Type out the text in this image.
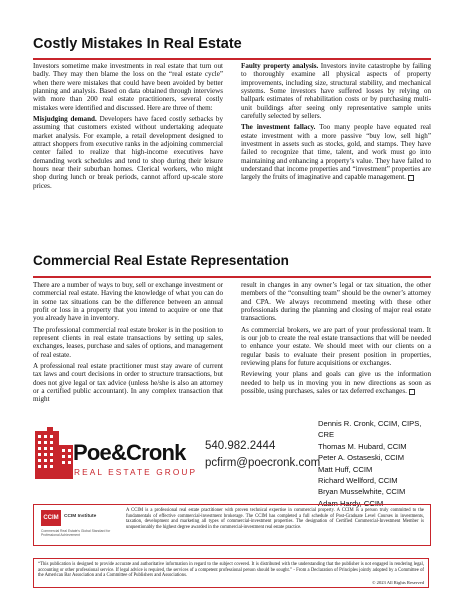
Costly Mistakes In Real Estate

Investors sometime make investments in real estate that turn out badly. They may then blame the loss on the “real estate cycle” when there were mistakes that could have been avoided by better planning and analysis. Based on data obtained through interviews with more than 200 real estate practitioners, several costly mistakes were identified and discussed. Here are three of them:

Misjudging demand. Developers have faced costly setbacks by assuming that customers existed without undertaking adequate market analysis. For example, a retail development designed to attract shoppers from executive ranks in the adjoining commercial center failed to realize that high-income executives have demanding work schedules and tend to shop during their leisure hours near their suburban homes. Clerical workers, who might shop during lunch or break periods, cannot afford up-scale store prices.

Faulty property analysis. Investors invite catastrophe by failing to thoroughly examine all physical aspects of property improvements, including size, structural stability, and mechanical systems. Some investors have suffered losses by relying on ballpark estimates of rehabilitation costs or by purchasing multi-unit buildings after seeing only representative sample units carefully selected by sellers.

The investment fallacy. Too many people have equated real estate investment with a more passive “buy low, sell high” investment in assets such as stocks, gold, and stamps. They have failed to recognize that time, talent, and work must go into maintaining and enhancing a property’s value. They have failed to understand that income properties and “investment” properties are largely the fruits of imaginative and capable management.

Commercial Real Estate Representation

There are a number of ways to buy, sell or exchange investment or commercial real estate. Having the knowledge of what you can do in some tax situations can be the difference between an annual profit or loss in a property that you intend to acquire or one that you already have in inventory.

The professional commercial real estate broker is in the position to represent clients in real estate transactions by setting up sales, exchanges, leases, purchase and sales of options, and management of real estate.

A professional real estate practitioner must stay aware of current tax laws and court decisions in order to structure transactions, but does not give legal or tax advice (unless he/she is also an attorney or a certified public accountant). In any complex transaction that might

result in changes in any owner’s legal or tax situation, the other members of the “consulting team” should be the owner’s attorney and CPA. We always recommend meeting with these other professionals during the planning and closing of major real estate transactions.

As commercial brokers, we are part of your professional team. It is our job to create the real estate transactions that will be needed to enhance your estate. We should meet with our clients on a regular basis to evaluate their present position in properties, reviewing plans for future acquisitions or exchanges.

Reviewing your plans and goals can give us the information needed to help us in moving you in new directions as soon as possible, using purchases, sales or tax deferred exchanges.

Poe&Cronk
REAL ESTATE GROUP
540.982.2444
pcfirm@poecronk.com
Dennis R. Cronk, CCIM, CIPS, CRE
Thomas M. Hubard, CCIM
Peter A. Ostaseski, CCIM
Matt Huff, CCIM
Richard Wellford, CCIM
Bryan Musselwhite, CCIM
Adam Hardy, CCIM
CCIM	CCIM Institute
Commercial Real Estate's Global Standard for Professional Achievement
A CCIM is a professional real estate practitioner with proven technical expertise in commercial property. A CCIM is a person truly committed to the fundamentals of effective commercial-investment brokerage. The CCIM has completed a full schedule of Post-Graduate Level Courses in investments, taxation, development and marketing all types of commercial-investment properties. The designation of Certified Commercial-Investment Member is unquestionably the highest degree awarded in the commercial-investment real estate practice.
“This publication is designed to provide accurate and authoritative information in regard to the subject covered. It is distributed with the understanding that the publisher is not engaged in rendering legal, accounting or other professional service. If legal advice is required, the services of a competent professional person should be sought.” - From a Declaration of Principles jointly adopted by a Committee of the American Bar Association and a Committee of Publishers and Associations.
© 2023 All Rights Reserved
